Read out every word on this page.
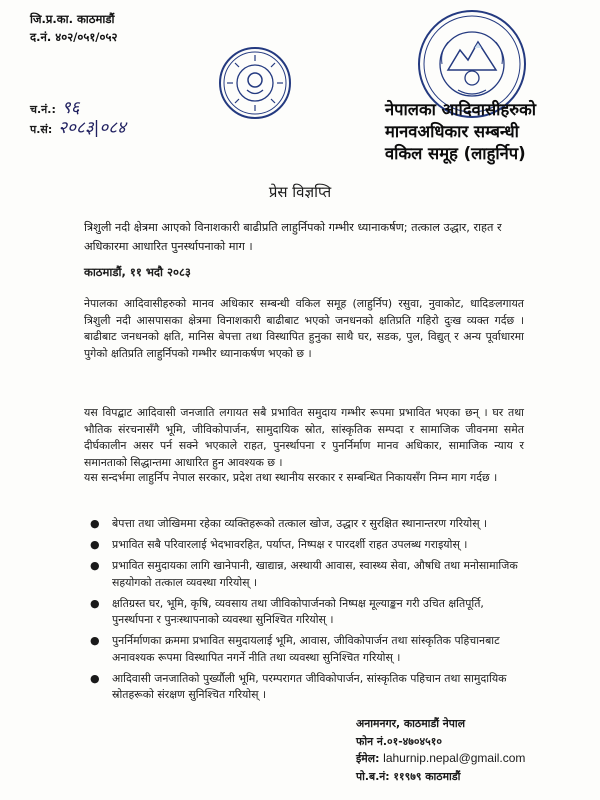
जि.प्र.का. काठमाडौं
द.नं. ४०२/०५१/०५२
च.नं.: ९६
प.सं: २०८३|०८४
नेपालका आदिवासीहरुको
मानवअधिकार सम्बन्धी
वकिल समूह (लाहुर्निप)
प्रेस विज्ञप्ति
त्रिशुली नदी क्षेत्रमा आएको विनाशकारी बाढीप्रति लाहुर्निपको गम्भीर ध्यानाकर्षण; तत्काल उद्धार, राहत र अधिकारमा आधारित पुनर्स्थापनाको माग ।
काठमाडौं, ११ भदौ २०८३
नेपालका आदिवासीहरुको मानव अधिकार सम्बन्धी वकिल समूह (लाहुर्निप) रसुवा, नुवाकोट, धादिङलगायत त्रिशुली नदी आसपासका क्षेत्रमा विनाशकारी बाढीबाट भएको जनधनको क्षतिप्रति गहिरो दुःख व्यक्त गर्दछ । बाढीबाट जनधनको क्षति, मानिस बेपत्ता तथा विस्थापित हुनुका साथै घर, सडक, पुल, विद्युत् र अन्य पूर्वाधारमा पुगेको क्षतिप्रति लाहुर्निपको गम्भीर ध्यानाकर्षण भएको छ ।
यस विपद्बाट आदिवासी जनजाति लगायत सबै प्रभावित समुदाय गम्भीर रूपमा प्रभावित भएका छन् । घर तथा भौतिक संरचनासँगै भूमि, जीविकोपार्जन, सामुदायिक स्रोत, सांस्कृतिक सम्पदा र सामाजिक जीवनमा समेत दीर्घकालीन असर पर्न सक्ने भएकाले राहत, पुनर्स्थापना र पुनर्निर्माण मानव अधिकार, सामाजिक न्याय र समानताको सिद्धान्तमा आधारित हुन आवश्यक छ ।
यस सन्दर्भमा लाहुर्निप नेपाल सरकार, प्रदेश तथा स्थानीय सरकार र सम्बन्धित निकायसँग निम्न माग गर्दछ ।
● बेपत्ता तथा जोखिममा रहेका व्यक्तिहरूको तत्काल खोज, उद्धार र सुरक्षित स्थानान्तरण गरियोस् ।
● प्रभावित सबै परिवारलाई भेदभावरहित, पर्याप्त, निष्पक्ष र पारदर्शी राहत उपलब्ध गराइयोस् ।
● प्रभावित समुदायका लागि खानेपानी, खाद्यान्न, अस्थायी आवास, स्वास्थ्य सेवा, औषधि तथा मनोसामाजिक सहयोगको तत्काल व्यवस्था गरियोस् ।
● क्षतिग्रस्त घर, भूमि, कृषि, व्यवसाय तथा जीविकोपार्जनको निष्पक्ष मूल्याङ्कन गरी उचित क्षतिपूर्ति, पुनर्स्थापना र पुनःस्थापनाको व्यवस्था सुनिश्चित गरियोस् ।
● पुनर्निर्माणका क्रममा प्रभावित समुदायलाई भूमि, आवास, जीविकोपार्जन तथा सांस्कृतिक पहिचानबाट अनावश्यक रूपमा विस्थापित नगर्ने नीति तथा व्यवस्था सुनिश्चित गरियोस् ।
● आदिवासी जनजातिको पुर्ख्यौली भूमि, परम्परागत जीविकोपार्जन, सांस्कृतिक पहिचान तथा सामुदायिक स्रोतहरूको संरक्षण सुनिश्चित गरियोस् ।
अनामनगर, काठमाडौं नेपाल
फोन नं.०१-४७०४५१०
ईमेल: lahurnip.nepal@gmail.com
पो.ब.नं: ११९७९ काठमाडौं
